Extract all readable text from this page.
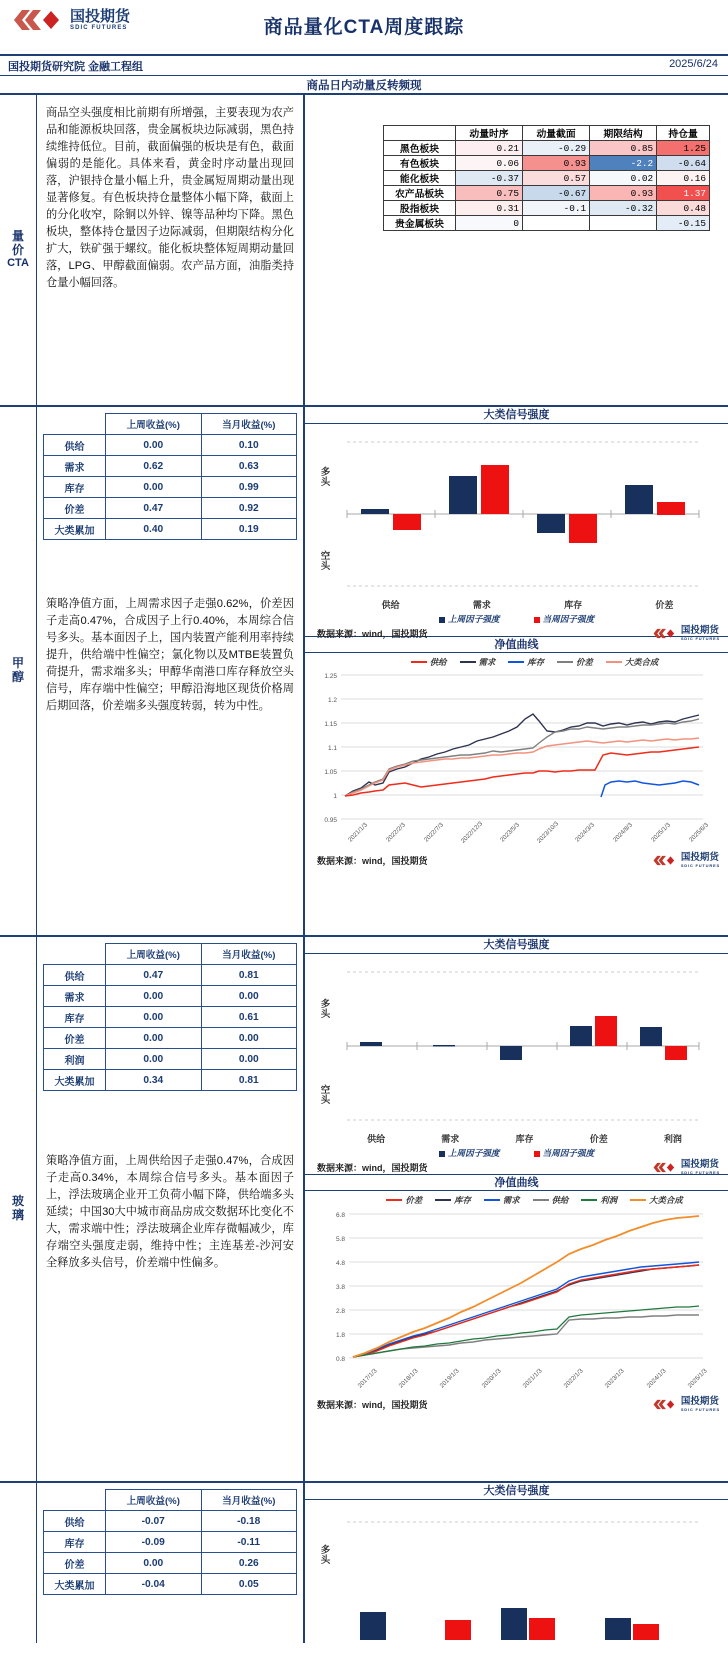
国投期货
SDIC FUTURES	商品量化CTA周度跟踪
国投期货研究院 金融工程组	2025/6/24
商品日内动量反转频现
量
价
CTA
商品空头强度相比前期有所增强，主要表现为农产品和能源板块回落，贵金属板块边际减弱，黑色持续维持低位。目前，截面偏强的板块是有色，截面偏弱的是能化。具体来看，黄金时序动量出现回落，沪银持仓量小幅上升，贵金属短周期动量出现显著修复。有色板块持仓量整体小幅下降，截面上的分化收窄，除铜以外锌、镍等品种均下降。黑色板块，整体持仓量因子边际减弱，但期限结构分化扩大，铁矿强于螺纹。能化板块整体短周期动量回落，LPG、甲醇截面偏弱。农产品方面，油脂类持仓量小幅回落。
	动量时序	动量截面	期限结构	持仓量
黑色板块	0.21	-0.29	0.85	1.25
有色板块	0.06	0.93	-2.2	-0.64
能化板块	-0.37	0.57	0.02	0.16
农产品板块	0.75	-0.67	0.93	1.37
股指板块	0.31	-0.1	-0.32	0.48
贵金属板块	0			-0.15
甲
醇
	上周收益(%)	当月收益(%)
供给	0.00	0.10
需求	0.62	0.63
库存	0.00	0.99
价差	0.47	0.92
大类累加	0.40	0.19
策略净值方面，上周需求因子走强0.62%，价差因子走高0.47%，合成因子上行0.40%，本周综合信号多头。基本面因子上，国内装置产能利用率持续提升，供给端中性偏空；氯化物以及MTBE装置负荷提升，需求端多头；甲醇华南港口库存释放空头信号，库存端中性偏空；甲醇沿海地区现货价格周后期回落，价差端多头强度转弱，转为中性。
大类信号强度
多头
空头
供给	需求	库存	价差
上周因子强度	当周因子强度
数据来源：wind，国投期货	国投期货
SDIC FUTURES
净值曲线
供给	需求	库存	价差	大类合成
1.25
1.2
1.15
1.1
1.05
1
0.95
2021/1/3	2022/2/3	2022/7/3	2022/12/3	2023/5/3	2023/10/3	2024/3/3	2024/8/3	2025/1/3	2025/6/3
数据来源：wind，国投期货	国投期货
SDIC FUTURES
玻
璃
	上周收益(%)	当月收益(%)
供给	0.47	0.81
需求	0.00	0.00
库存	0.00	0.61
价差	0.00	0.00
利润	0.00	0.00
大类累加	0.34	0.81
策略净值方面，上周供给因子走强0.47%，合成因子走高0.34%，本周综合信号多头。基本面因子上，浮法玻璃企业开工负荷小幅下降，供给端多头延续；中国30大中城市商品房成交数据环比变化不大，需求端中性；浮法玻璃企业库存微幅减少，库存端空头强度走弱，维持中性；主连基差-沙河安全释放多头信号，价差端中性偏多。
大类信号强度
多头
空头
供给	需求	库存	价差	利润
上周因子强度	当周因子强度
数据来源：wind，国投期货	国投期货
SDIC FUTURES
净值曲线
价差	库存	需求	供给	利润	大类合成
6.8
5.8
4.8
3.8
2.8
1.8
0.8
2017/1/3	2018/1/3	2019/1/3	2020/1/3	2021/1/3	2022/1/3	2023/1/3	2024/1/3	2025/1/3
数据来源：wind，国投期货	国投期货
SDIC FUTURES
	上周收益(%)	当月收益(%)
供给	-0.07	-0.18
库存	-0.09	-0.11
价差	0.00	0.26
大类累加	-0.04	0.05
大类信号强度
多头
